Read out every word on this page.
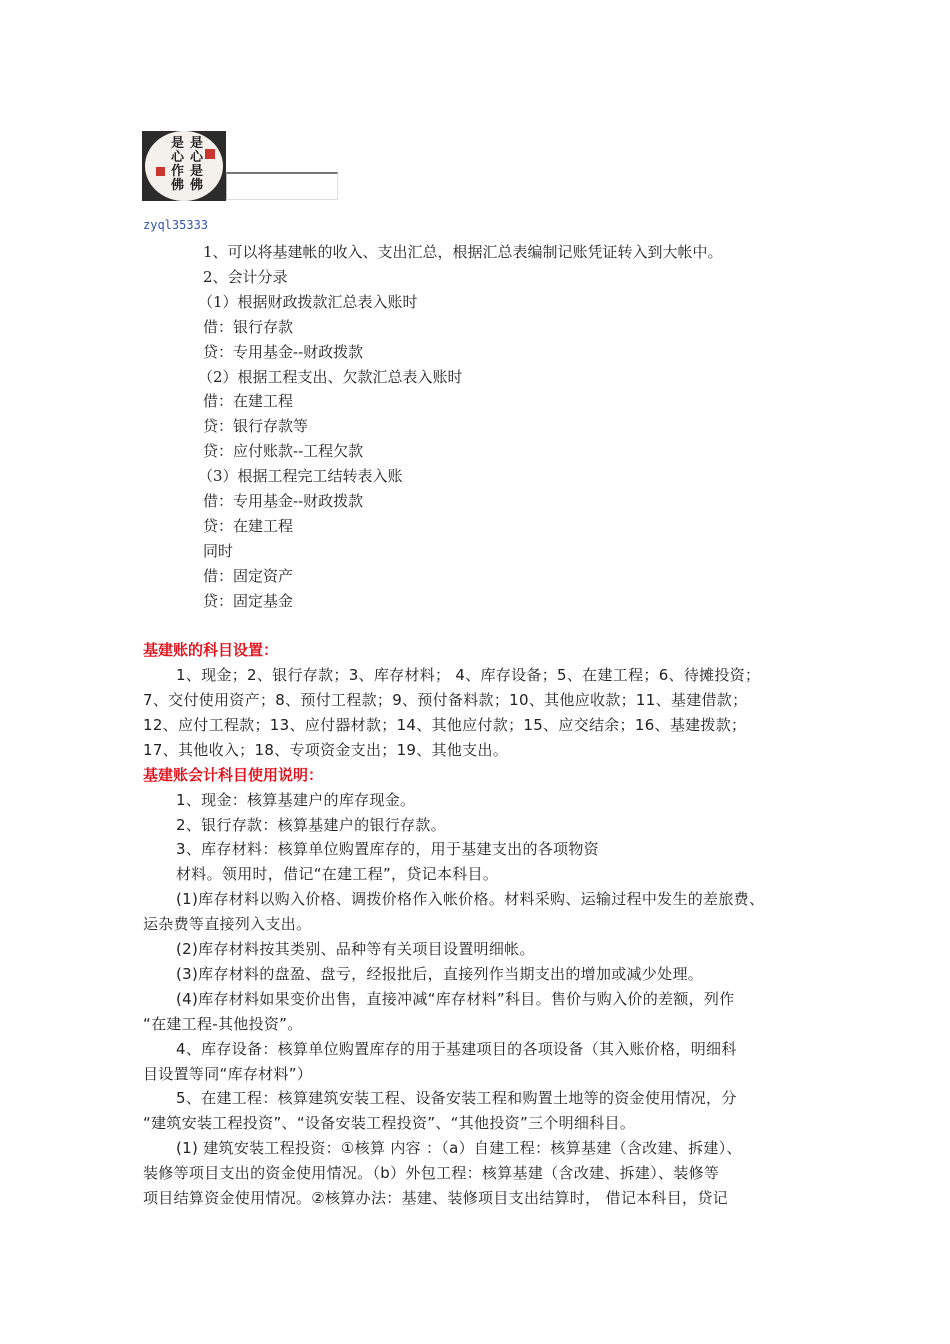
是
心
是
佛
是
心
作
佛
zyql35333
1、可以将基建帐的收入、支出汇总，根据汇总表编制记账凭证转入到大帐中。
2、会计分录
（1）根据财政拨款汇总表入账时
借：银行存款
贷：专用基金--财政拨款
（2）根据工程支出、欠款汇总表入账时
借：在建工程
贷：银行存款等
贷：应付账款--工程欠款
（3）根据工程完工结转表入账
借：专用基金--财政拨款
贷：在建工程
同时
借：固定资产
贷：固定基金
基建账的科目设置：
1、现金；2、银行存款；3、库存材料； 4、库存设备；5、在建工程；6、待摊投资；
7、交付使用资产；8、预付工程款；9、预付备料款；10、其他应收款；11、基建借款；
12、应付工程款；13、应付器材款；14、其他应付款；15、应交结余；16、基建拨款；
17、其他收入；18、专项资金支出；19、其他支出。
基建账会计科目使用说明：
1、现金：核算基建户的库存现金。
2、银行存款：核算基建户的银行存款。
3、库存材料：核算单位购置库存的，用于基建支出的各项物资
材料。领用时，借记“在建工程”，贷记本科目。
(1)库存材料以购入价格、调拨价格作入帐价格。材料采购、运输过程中发生的差旅费、
运杂费等直接列入支出。
(2)库存材料按其类别、品种等有关项目设置明细帐。
(3)库存材料的盘盈、盘亏，经报批后，直接列作当期支出的增加或减少处理。
(4)库存材料如果变价出售，直接冲减“库存材料”科目。售价与购入价的差额，列作
“在建工程-其他投资”。
4、库存设备：核算单位购置库存的用于基建项目的各项设备（其入账价格，明细科
目设置等同“库存材料”）
5、在建工程：核算建筑安装工程、设备安装工程和购置土地等的资金使用情况，分
“建筑安装工程投资”、“设备安装工程投资”、“其他投资”三个明细科目。
(1) 建筑安装工程投资：①核算 内容 ：（a）自建工程：核算基建（含改建、拆建）、
装修等项目支出的资金使用情况。（b）外包工程：核算基建（含改建、拆建）、装修等
项目结算资金使用情况。②核算办法：基建、装修项目支出结算时， 借记本科目，贷记
